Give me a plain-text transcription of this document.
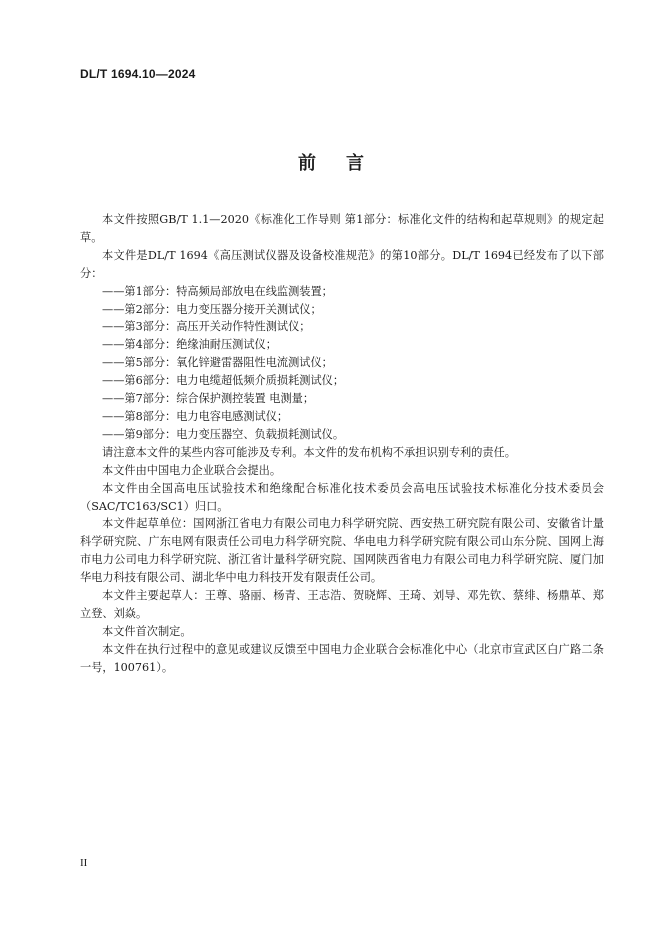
DL/T 1694.10—2024
前言

本文件按照GB/T 1.1—2020《标准化工作导则 第1部分：标准化文件的结构和起草规则》的规定起草。

本文件是DL/T 1694《高压测试仪器及设备校准规范》的第10部分。DL/T 1694已经发布了以下部分：

——第1部分：特高频局部放电在线监测装置；

——第2部分：电力变压器分接开关测试仪；

——第3部分：高压开关动作特性测试仪；

——第4部分：绝缘油耐压测试仪；

——第5部分：氧化锌避雷器阻性电流测试仪；

——第6部分：电力电缆超低频介质损耗测试仪；

——第7部分：综合保护测控装置 电测量；

——第8部分：电力电容电感测试仪；

——第9部分：电力变压器空、负载损耗测试仪。

请注意本文件的某些内容可能涉及专利。本文件的发布机构不承担识别专利的责任。

本文件由中国电力企业联合会提出。

本文件由全国高电压试验技术和绝缘配合标准化技术委员会高电压试验技术标准化分技术委员会（SAC/TC163/SC1）归口。

本文件起草单位：国网浙江省电力有限公司电力科学研究院、西安热工研究院有限公司、安徽省计量科学研究院、广东电网有限责任公司电力科学研究院、华电电力科学研究院有限公司山东分院、国网上海市电力公司电力科学研究院、浙江省计量科学研究院、国网陕西省电力有限公司电力科学研究院、厦门加华电力科技有限公司、湖北华中电力科技开发有限责任公司。

本文件主要起草人：王尊、骆丽、杨青、王志浩、贺晓辉、王琦、刘导、邓先钦、蔡绯、杨鼎革、郑立登、刘焱。

本文件首次制定。

本文件在执行过程中的意见或建议反馈至中国电力企业联合会标准化中心（北京市宣武区白广路二条一号，100761）。

II
